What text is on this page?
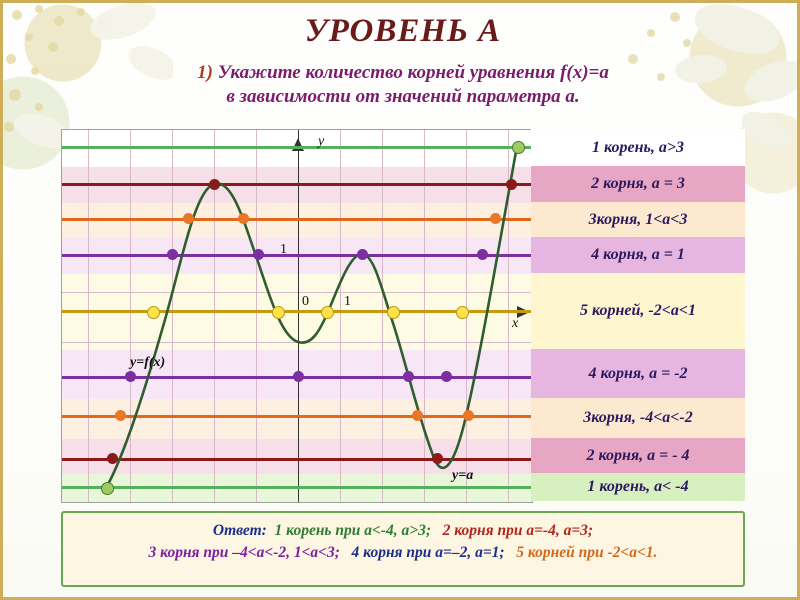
УРОВЕНЬ А
1) Укажите количество корней уравнения f(x)=a
в зависимости от значений параметра а.
y
x
0	1
1
y=f(x)
y=a
1 корень, а>3
2 корня, а = 3
3корня, 1<a<3
4 корня, а = 1
5 корней, -2<a<1
4 корня, а = -2
3корня, -4<a<-2
2 корня, а = - 4
1 корень, а< -4
Ответ: 1 корень при a<-4, а>3; 2 корня при а=-4, а=3;
3 корня при –4<a<-2, 1<a<3; 4 корня при а=–2, а=1; 5 корней при -2<a<1.
